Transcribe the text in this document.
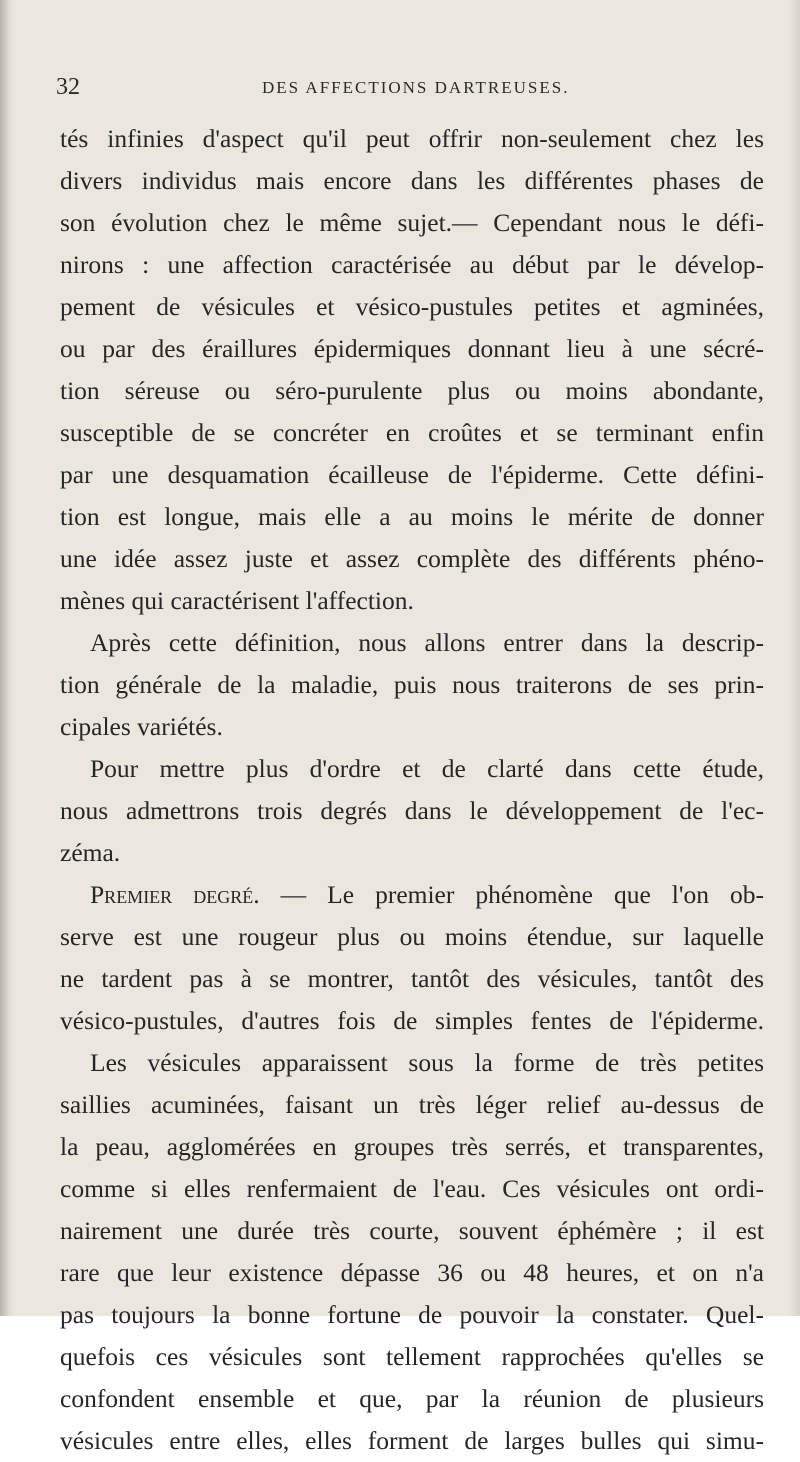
32	DES AFFECTIONS DARTREUSES.
tés infinies d'aspect qu'il peut offrir non-seulement chez les
divers individus mais encore dans les différentes phases de
son évolution chez le même sujet.— Cependant nous le défi-
nirons : une affection caractérisée au début par le dévelop-
pement de vésicules et vésico-pustules petites et agminées,
ou par des éraillures épidermiques donnant lieu à une sécré-
tion séreuse ou séro-purulente plus ou moins abondante,
susceptible de se concréter en croûtes et se terminant enfin
par une desquamation écailleuse de l'épiderme. Cette défini-
tion est longue, mais elle a au moins le mérite de donner
une idée assez juste et assez complète des différents phéno-
mènes qui caractérisent l'affection.
Après cette définition, nous allons entrer dans la descrip-
tion générale de la maladie, puis nous traiterons de ses prin-
cipales variétés.
Pour mettre plus d'ordre et de clarté dans cette étude,
nous admettrons trois degrés dans le développement de l'ec-
zéma.
Premier degré. — Le premier phénomène que l'on ob-
serve est une rougeur plus ou moins étendue, sur laquelle
ne tardent pas à se montrer, tantôt des vésicules, tantôt des
vésico-pustules, d'autres fois de simples fentes de l'épiderme.
Les vésicules apparaissent sous la forme de très petites
saillies acuminées, faisant un très léger relief au-dessus de
la peau, agglomérées en groupes très serrés, et transparentes,
comme si elles renfermaient de l'eau. Ces vésicules ont ordi-
nairement une durée très courte, souvent éphémère ; il est
rare que leur existence dépasse 36 ou 48 heures, et on n'a
pas toujours la bonne fortune de pouvoir la constater. Quel-
quefois ces vésicules sont tellement rapprochées qu'elles se
confondent ensemble et que, par la réunion de plusieurs
vésicules entre elles, elles forment de larges bulles qui simu-
